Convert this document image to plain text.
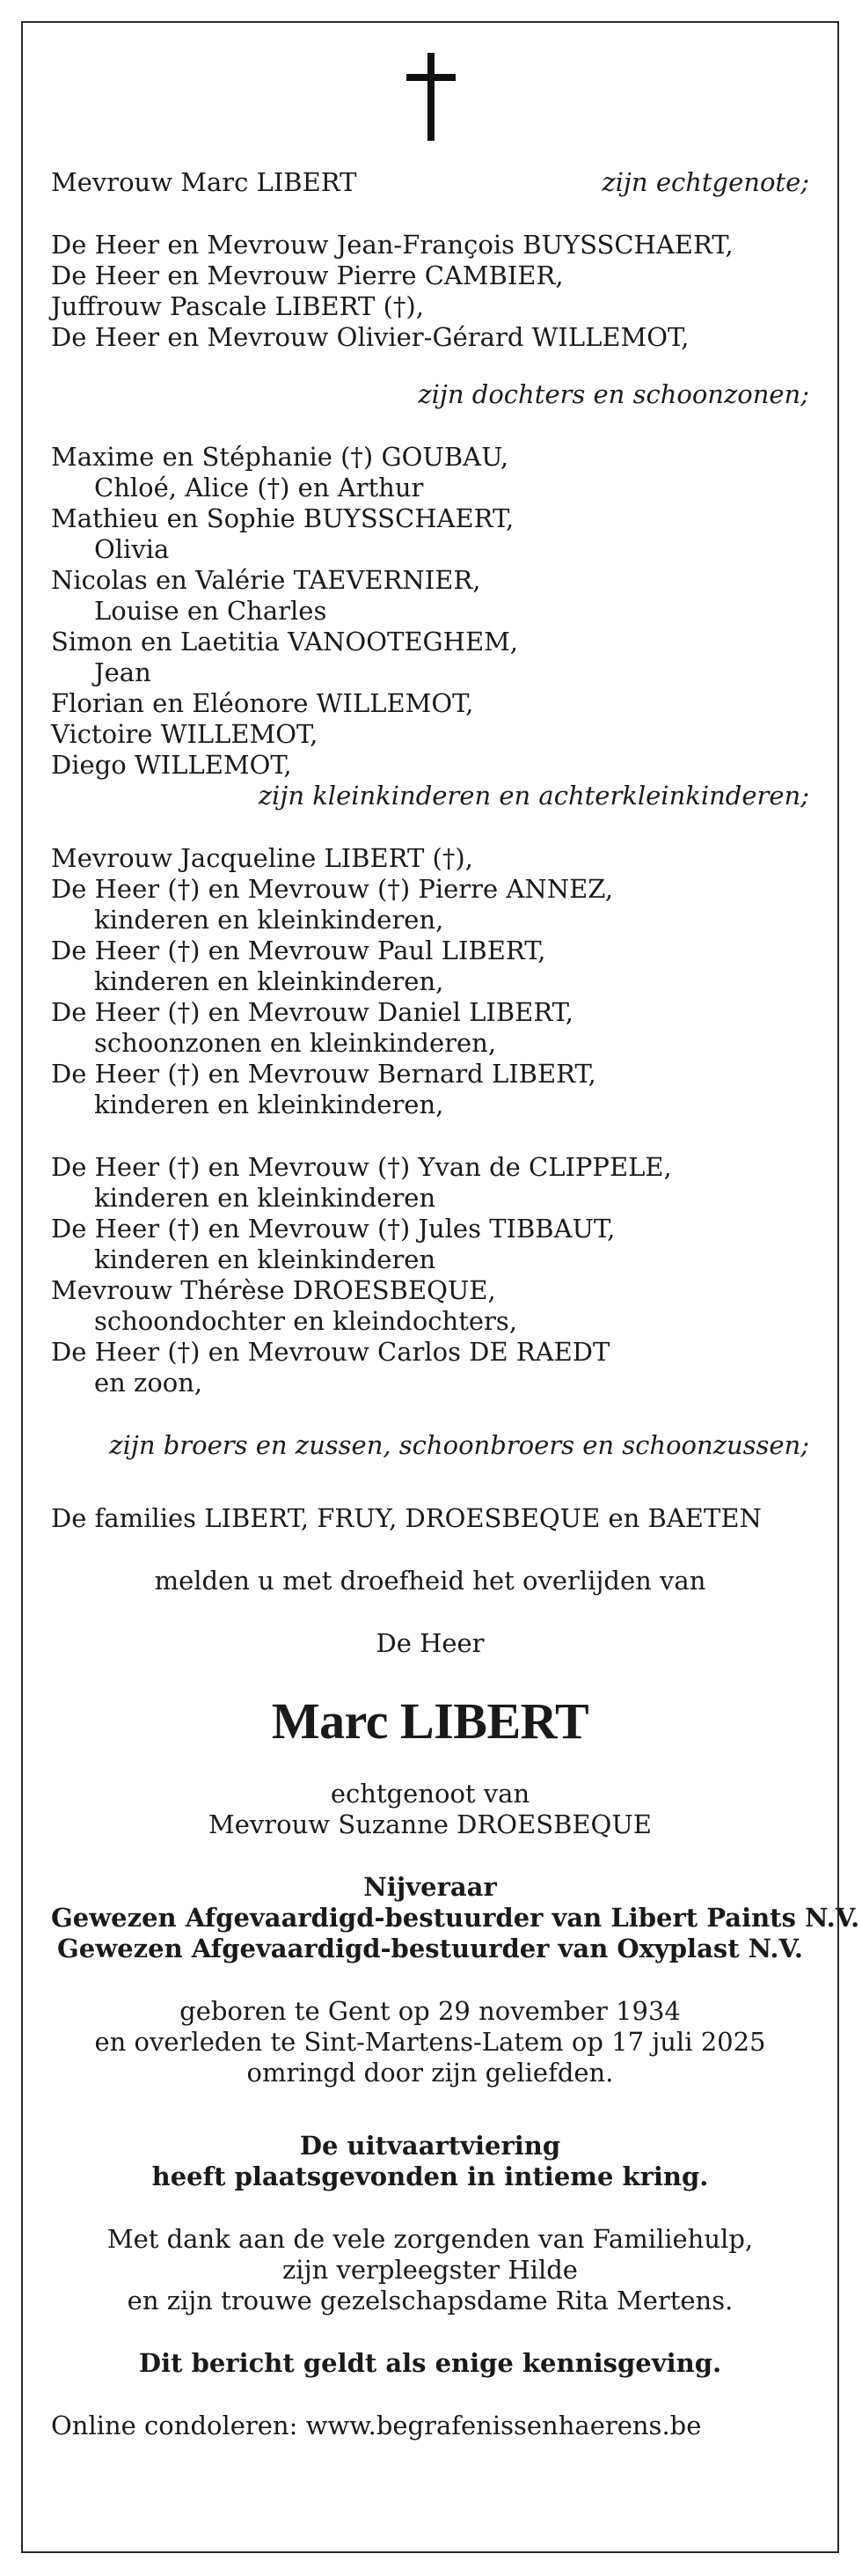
Mevrouw Marc LIBERT	zijn echtgenote;
De Heer en Mevrouw Jean-François BUYSSCHAERT,
De Heer en Mevrouw Pierre CAMBIER,
Juffrouw Pascale LIBERT (†),
De Heer en Mevrouw Olivier-Gérard WILLEMOT,
zijn dochters en schoonzonen;
Maxime en Stéphanie (†) GOUBAU,
Chloé, Alice (†) en Arthur
Mathieu en Sophie BUYSSCHAERT,
Olivia
Nicolas en Valérie TAEVERNIER,
Louise en Charles
Simon en Laetitia VANOOTEGHEM,
Jean
Florian en Eléonore WILLEMOT,
Victoire WILLEMOT,
Diego WILLEMOT,
zijn kleinkinderen en achterkleinkinderen;
Mevrouw Jacqueline LIBERT (†),
De Heer (†) en Mevrouw (†) Pierre ANNEZ,
kinderen en kleinkinderen,
De Heer (†) en Mevrouw Paul LIBERT,
kinderen en kleinkinderen,
De Heer (†) en Mevrouw Daniel LIBERT,
schoonzonen en kleinkinderen,
De Heer (†) en Mevrouw Bernard LIBERT,
kinderen en kleinkinderen,
De Heer (†) en Mevrouw (†) Yvan de CLIPPELE,
kinderen en kleinkinderen
De Heer (†) en Mevrouw (†) Jules TIBBAUT,
kinderen en kleinkinderen
Mevrouw Thérèse DROESBEQUE,
schoondochter en kleindochters,
De Heer (†) en Mevrouw Carlos DE RAEDT
en zoon,
zijn broers en zussen, schoonbroers en schoonzussen;
De families LIBERT, FRUY, DROESBEQUE en BAETEN
melden u met droefheid het overlijden van
De Heer
Marc LIBERT
echtgenoot van
Mevrouw Suzanne DROESBEQUE
Nijveraar
Gewezen Afgevaardigd-bestuurder van Libert Paints N.V.
Gewezen Afgevaardigd-bestuurder van Oxyplast N.V.
geboren te Gent op 29 november 1934
en overleden te Sint-Martens-Latem op 17 juli 2025
omringd door zijn geliefden.
De uitvaartviering
heeft plaatsgevonden in intieme kring.
Met dank aan de vele zorgenden van Familiehulp,
zijn verpleegster Hilde
en zijn trouwe gezelschapsdame Rita Mertens.
Dit bericht geldt als enige kennisgeving.
Online condoleren: www.begrafenissenhaerens.be
